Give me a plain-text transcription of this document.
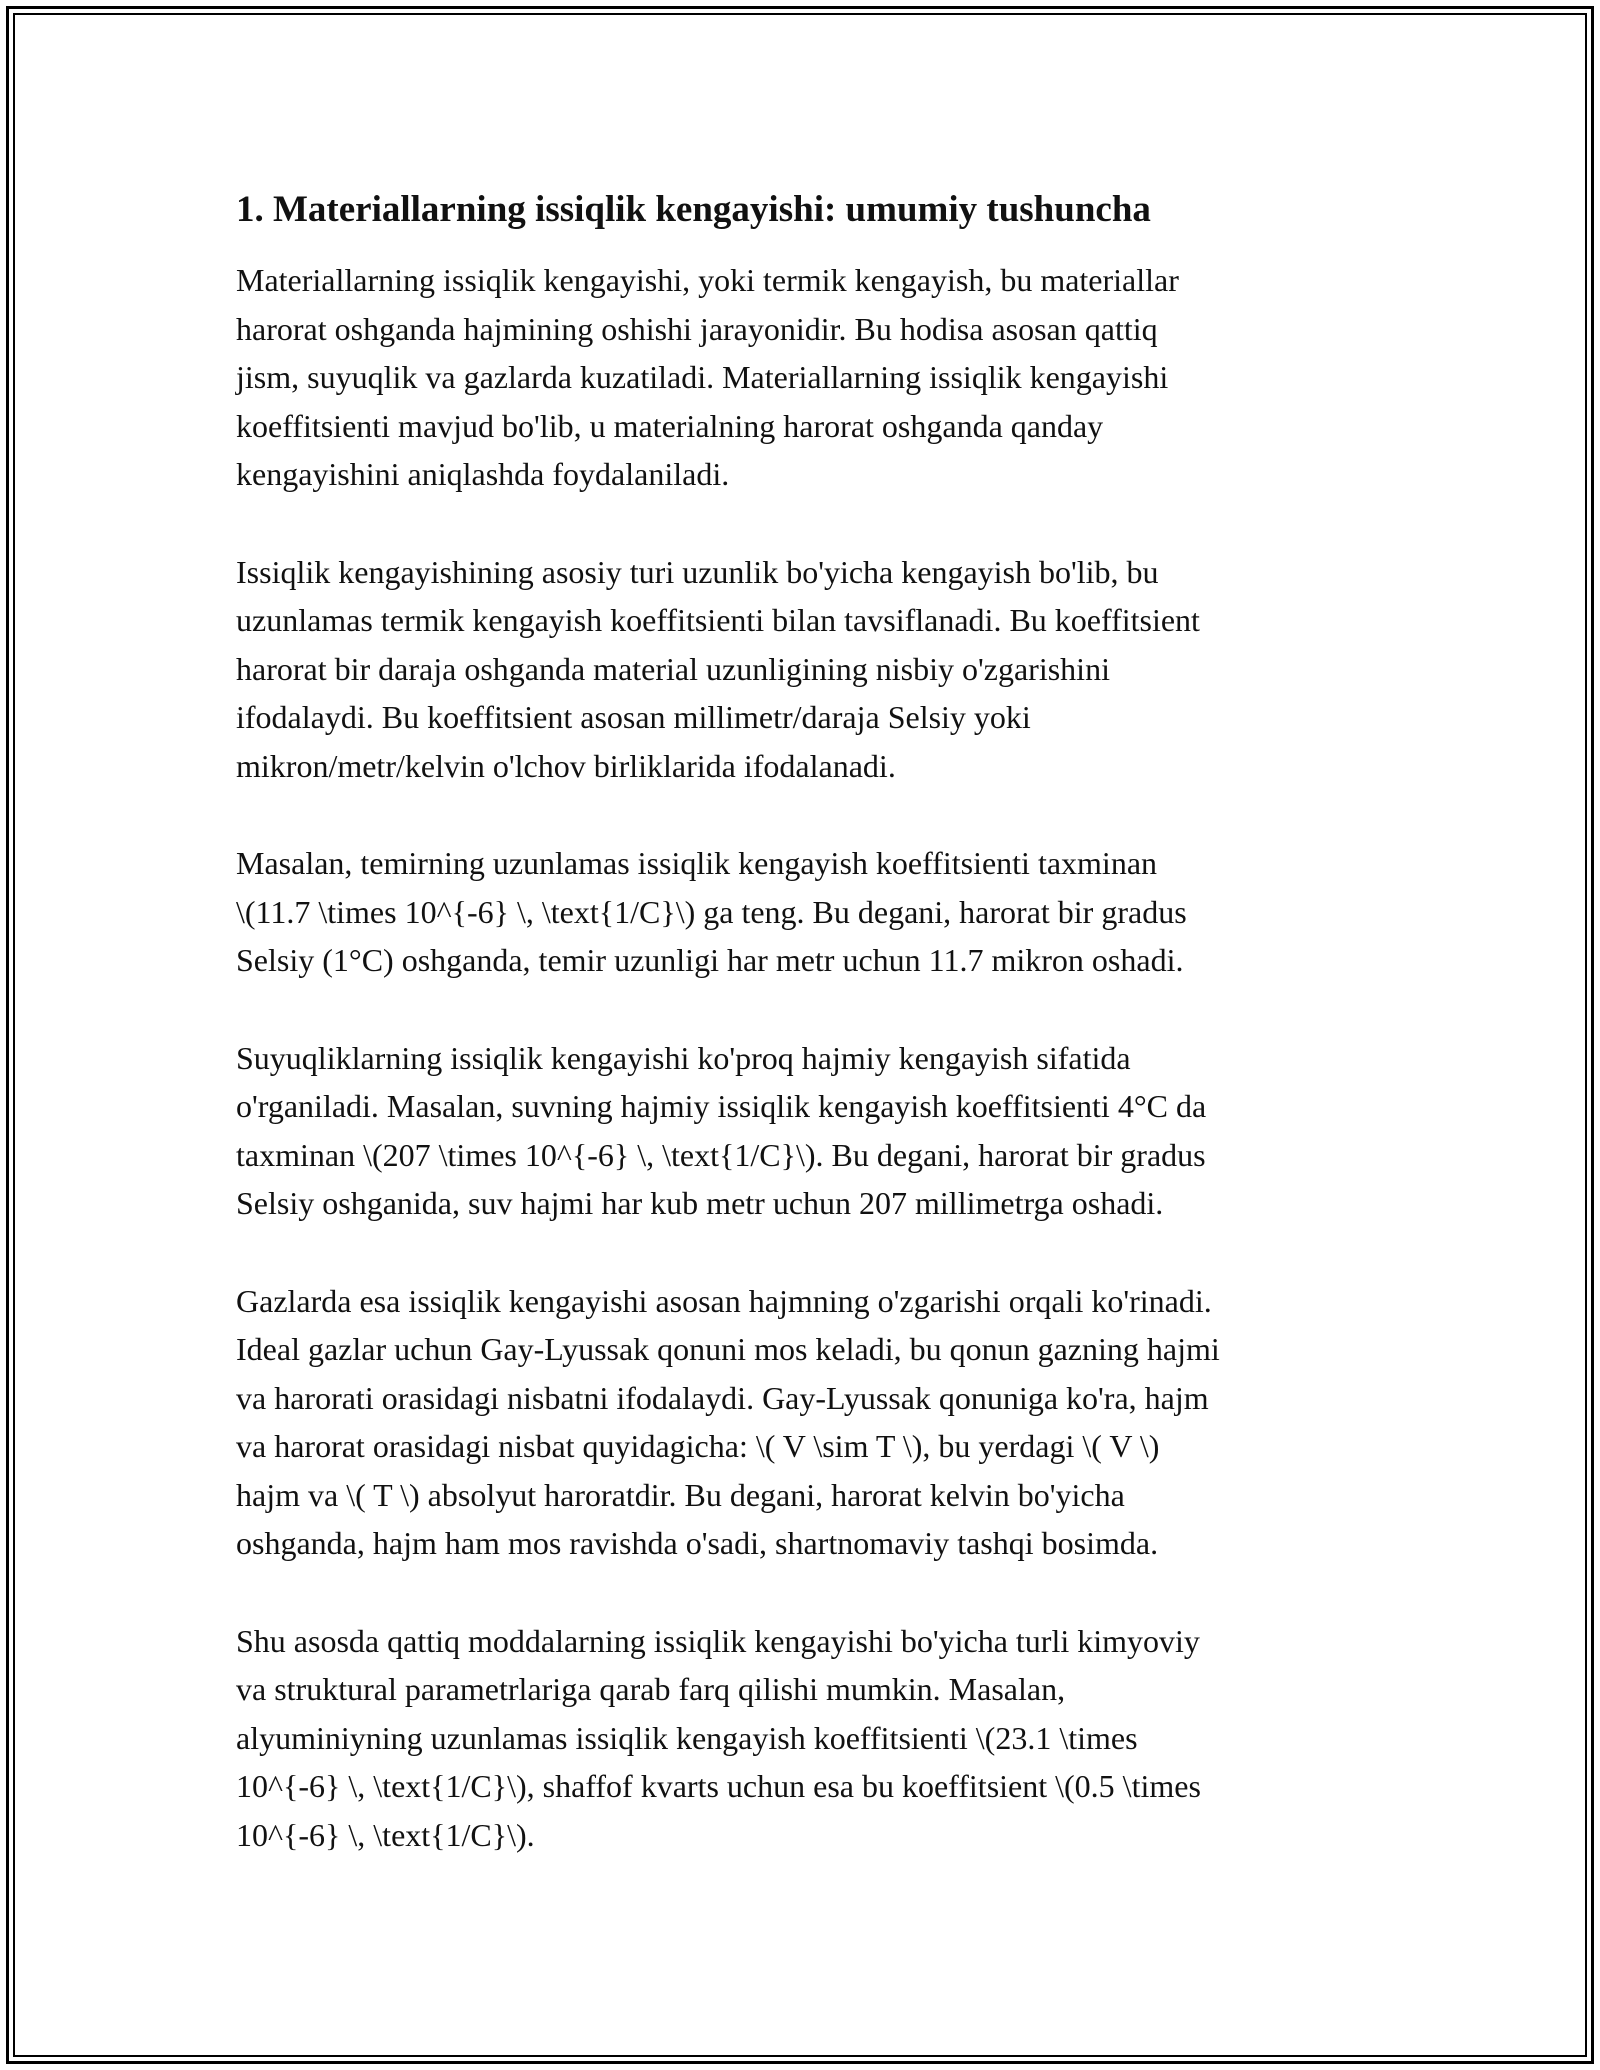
1. Materiallarning issiqlik kengayishi: umumiy tushuncha

Materiallarning issiqlik kengayishi, yoki termik kengayish, bu materiallar
harorat oshganda hajmining oshishi jarayonidir. Bu hodisa asosan qattiq
jism, suyuqlik va gazlarda kuzatiladi. Materiallarning issiqlik kengayishi
koeffitsienti mavjud bo'lib, u materialning harorat oshganda qanday
kengayishini aniqlashda foydalaniladi.

Issiqlik kengayishining asosiy turi uzunlik bo'yicha kengayish bo'lib, bu
uzunlamas termik kengayish koeffitsienti bilan tavsiflanadi. Bu koeffitsient
harorat bir daraja oshganda material uzunligining nisbiy o'zgarishini
ifodalaydi. Bu koeffitsient asosan millimetr/daraja Selsiy yoki
mikron/metr/kelvin o'lchov birliklarida ifodalanadi.

Masalan, temirning uzunlamas issiqlik kengayish koeffitsienti taxminan
\(11.7 \times 10^{-6} \, \text{1/C}\) ga teng. Bu degani, harorat bir gradus
Selsiy (1°C) oshganda, temir uzunligi har metr uchun 11.7 mikron oshadi.

Suyuqliklarning issiqlik kengayishi ko'proq hajmiy kengayish sifatida
o'rganiladi. Masalan, suvning hajmiy issiqlik kengayish koeffitsienti 4°C da
taxminan \(207 \times 10^{-6} \, \text{1/C}\). Bu degani, harorat bir gradus
Selsiy oshganida, suv hajmi har kub metr uchun 207 millimetrga oshadi.

Gazlarda esa issiqlik kengayishi asosan hajmning o'zgarishi orqali ko'rinadi.
Ideal gazlar uchun Gay-Lyussak qonuni mos keladi, bu qonun gazning hajmi
va harorati orasidagi nisbatni ifodalaydi. Gay-Lyussak qonuniga ko'ra, hajm
va harorat orasidagi nisbat quyidagicha: \( V \sim T \), bu yerdagi \( V \)
hajm va \( T \) absolyut haroratdir. Bu degani, harorat kelvin bo'yicha
oshganda, hajm ham mos ravishda o'sadi, shartnomaviy tashqi bosimda.

Shu asosda qattiq moddalarning issiqlik kengayishi bo'yicha turli kimyoviy
va struktural parametrlariga qarab farq qilishi mumkin. Masalan,
alyuminiyning uzunlamas issiqlik kengayish koeffitsienti \(23.1 \times
10^{-6} \, \text{1/C}\), shaffof kvarts uchun esa bu koeffitsient \(0.5 \times
10^{-6} \, \text{1/C}\).
